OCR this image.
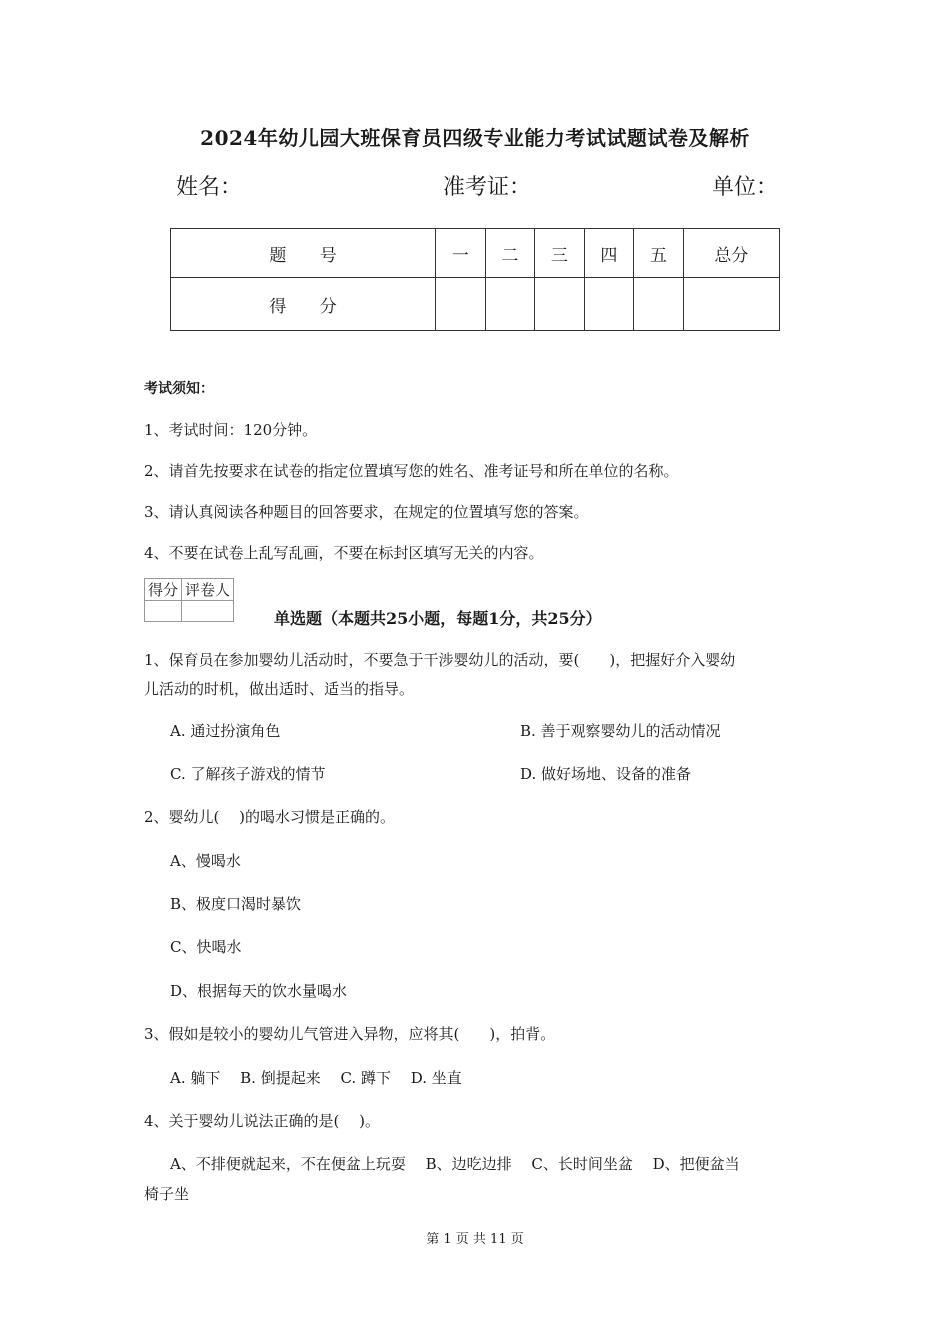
2024年幼儿园大班保育员四级专业能力考试试题试卷及解析
姓名：	准考证：	单位：
题 号	一	二	三	四	五	总分
得 分						
考试须知：
1、考试时间：120分钟。
2、请首先按要求在试卷的指定位置填写您的姓名、准考证号和所在单位的名称。
3、请认真阅读各种题目的回答要求，在规定的位置填写您的答案。
4、不要在试卷上乱写乱画，不要在标封区填写无关的内容。
得分	评卷人

单选题（本题共25小题，每题1分，共25分）
1、保育员在参加婴幼儿活动时，不要急于干涉婴幼儿的活动，要(　　)，把握好介入婴幼
儿活动的时机，做出适时、适当的指导。
A. 通过扮演角色	B. 善于观察婴幼儿的活动情况
C. 了解孩子游戏的情节	D. 做好场地、设备的准备
2、婴幼儿(　 )的喝水习惯是正确的。
A、慢喝水
B、极度口渴时暴饮
C、快喝水
D、根据每天的饮水量喝水
3、假如是较小的婴幼儿气管进入异物，应将其(　　)，拍背。
A. 躺下　 B. 倒提起来　 C. 蹲下　 D. 坐直
4、关于婴幼儿说法正确的是(　 )。
A、不排便就起来，不在便盆上玩耍　 B、边吃边排　 C、长时间坐盆　 D、把便盆当
椅子坐
第 1 页 共 11 页
